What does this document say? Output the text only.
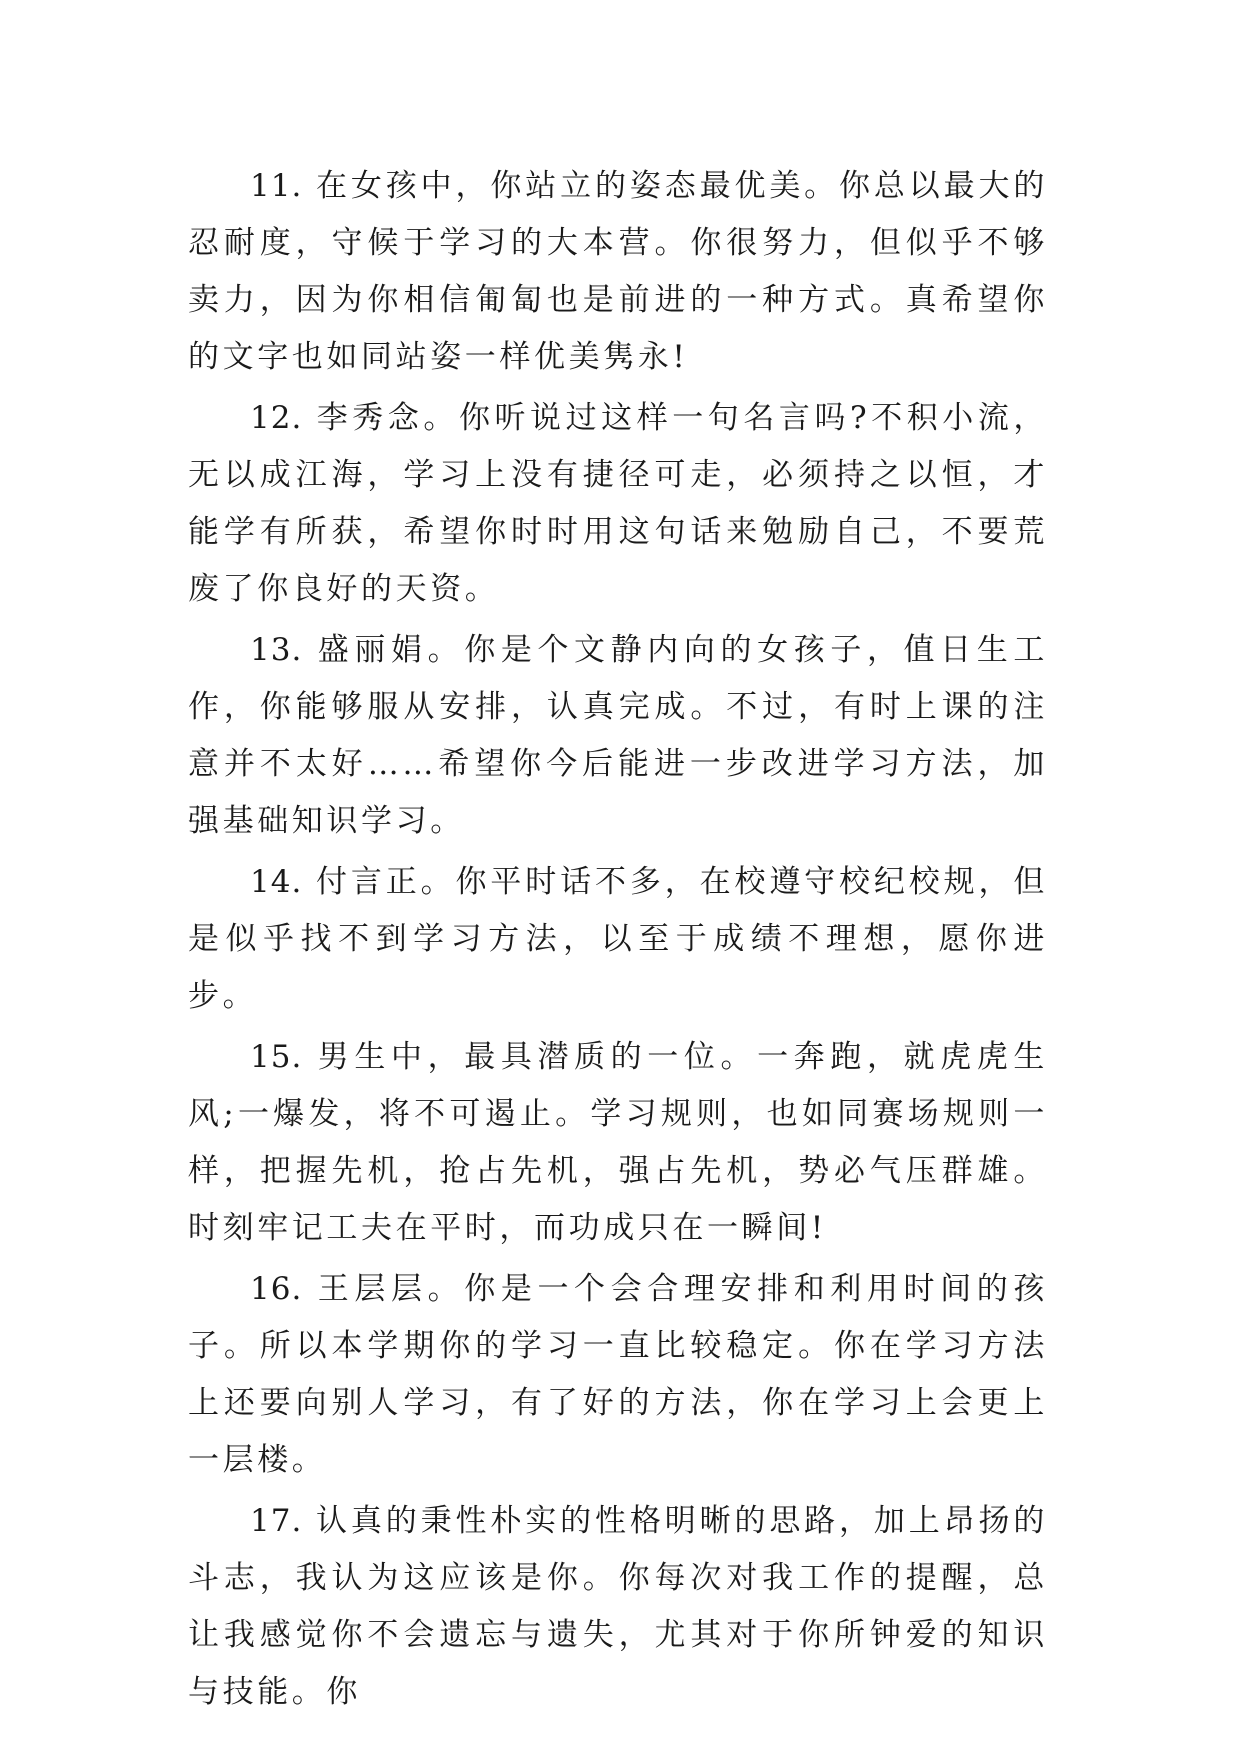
11. 在女孩中，你站立的姿态最优美。你总以最大的忍耐度，守候于学习的大本营。你很努力，但似乎不够卖力，因为你相信匍匐也是前进的一种方式。真希望你的文字也如同站姿一样优美隽永!

12. 李秀念。你听说过这样一句名言吗?不积小流，无以成江海，学习上没有捷径可走，必须持之以恒，才能学有所获，希望你时时用这句话来勉励自己，不要荒废了你良好的天资。

13. 盛丽娟。你是个文静内向的女孩子，值日生工作，你能够服从安排，认真完成。不过，有时上课的注意并不太好……希望你今后能进一步改进学习方法，加强基础知识学习。

14. 付言正。你平时话不多，在校遵守校纪校规，但是似乎找不到学习方法，以至于成绩不理想，愿你进步。

15. 男生中，最具潜质的一位。一奔跑，就虎虎生风;一爆发，将不可遏止。学习规则，也如同赛场规则一样，把握先机，抢占先机，强占先机，势必气压群雄。时刻牢记工夫在平时，而功成只在一瞬间!

16. 王层层。你是一个会合理安排和利用时间的孩子。所以本学期你的学习一直比较稳定。你在学习方法上还要向别人学习，有了好的方法，你在学习上会更上一层楼。

17. 认真的秉性朴实的性格明晰的思路，加上昂扬的斗志，我认为这应该是你。你每次对我工作的提醒，总让我感觉你不会遗忘与遗失，尤其对于你所钟爱的知识与技能。你
